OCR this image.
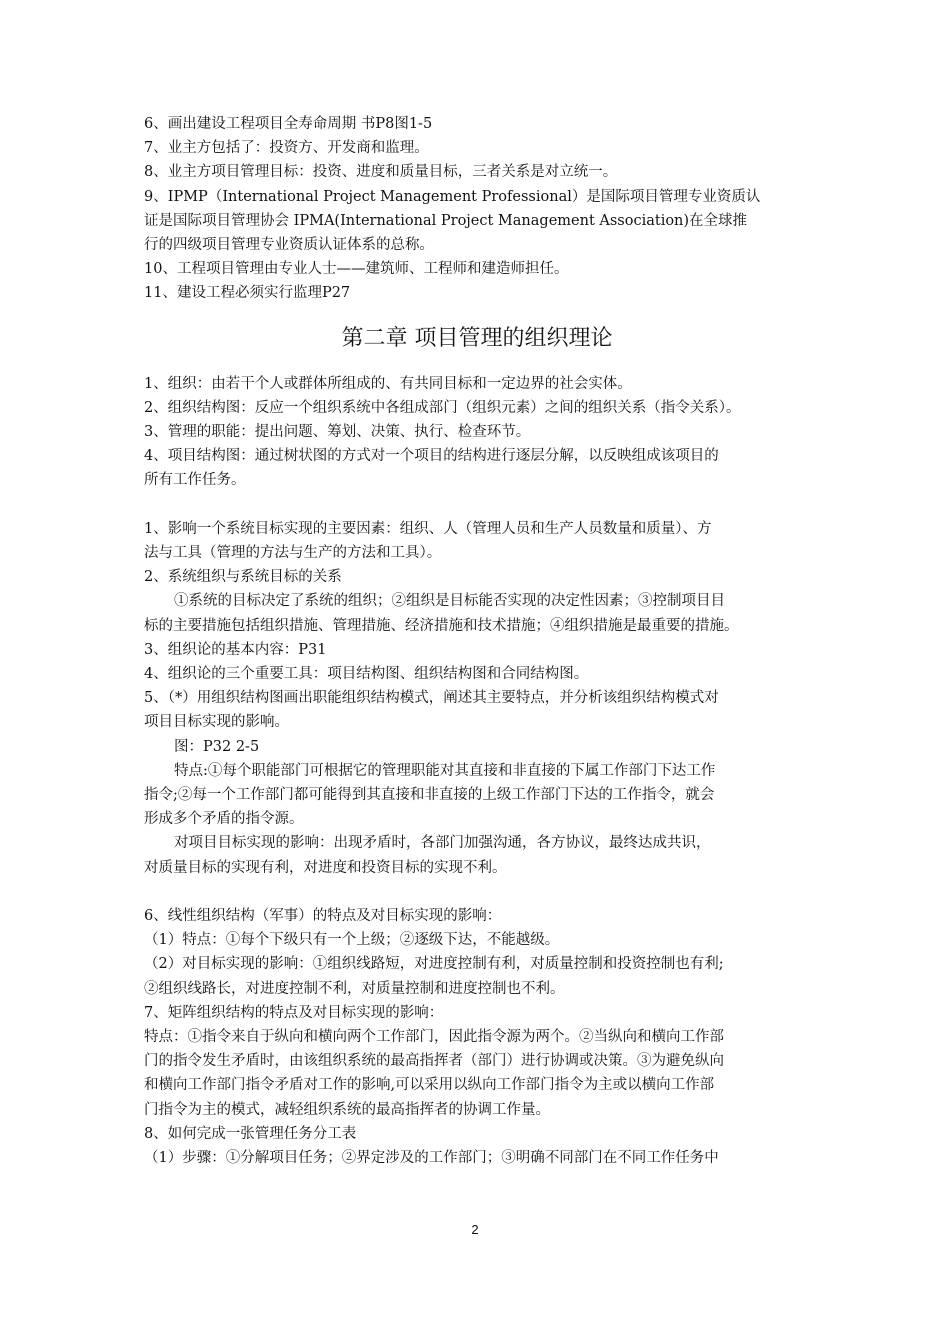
6、画出建设工程项目全寿命周期 书P8图1-5
7、业主方包括了：投资方、开发商和监理。
8、业主方项目管理目标：投资、进度和质量目标，三者关系是对立统一。
9、IPMP（International Project Management Professional）是国际项目管理专业资质认
证是国际项目管理协会 IPMA(International Project Management Association)在全球推
行的四级项目管理专业资质认证体系的总称。
10、工程项目管理由专业人士——建筑师、工程师和建造师担任。
11、建设工程必须实行监理P27
第二章 项目管理的组织理论
1、组织：由若干个人或群体所组成的、有共同目标和一定边界的社会实体。
2、组织结构图：反应一个组织系统中各组成部门（组织元素）之间的组织关系（指令关系）。
3、管理的职能：提出问题、筹划、决策、执行、检查环节。
4、项目结构图：通过树状图的方式对一个项目的结构进行逐层分解，以反映组成该项目的
所有工作任务。
1、影响一个系统目标实现的主要因素：组织、人（管理人员和生产人员数量和质量）、方
法与工具（管理的方法与生产的方法和工具）。
2、系统组织与系统目标的关系
①系统的目标决定了系统的组织；②组织是目标能否实现的决定性因素；③控制项目目
标的主要措施包括组织措施、管理措施、经济措施和技术措施；④组织措施是最重要的措施。
3、组织论的基本内容：P31
4、组织论的三个重要工具：项目结构图、组织结构图和合同结构图。
5、（*）用组织结构图画出职能组织结构模式，阐述其主要特点，并分析该组织结构模式对
项目目标实现的影响。
图：P32 2-5
特点:①每个职能部门可根据它的管理职能对其直接和非直接的下属工作部门下达工作
指令;②每一个工作部门都可能得到其直接和非直接的上级工作部门下达的工作指令，就会
形成多个矛盾的指令源。
对项目目标实现的影响：出现矛盾时，各部门加强沟通，各方协议，最终达成共识，
对质量目标的实现有利，对进度和投资目标的实现不利。
6、线性组织结构（军事）的特点及对目标实现的影响：
（1）特点：①每个下级只有一个上级；②逐级下达，不能越级。
（2）对目标实现的影响：①组织线路短，对进度控制有利，对质量控制和投资控制也有利;
②组织线路长，对进度控制不利，对质量控制和进度控制也不利。
7、矩阵组织结构的特点及对目标实现的影响：
特点：①指令来自于纵向和横向两个工作部门，因此指令源为两个。②当纵向和横向工作部
门的指令发生矛盾时，由该组织系统的最高指挥者（部门）进行协调或决策。③为避免纵向
和横向工作部门指令矛盾对工作的影响,可以采用以纵向工作部门指令为主或以横向工作部
门指令为主的模式，减轻组织系统的最高指挥者的协调工作量。
8、如何完成一张管理任务分工表
（1）步骤：①分解项目任务；②界定涉及的工作部门；③明确不同部门在不同工作任务中
2
